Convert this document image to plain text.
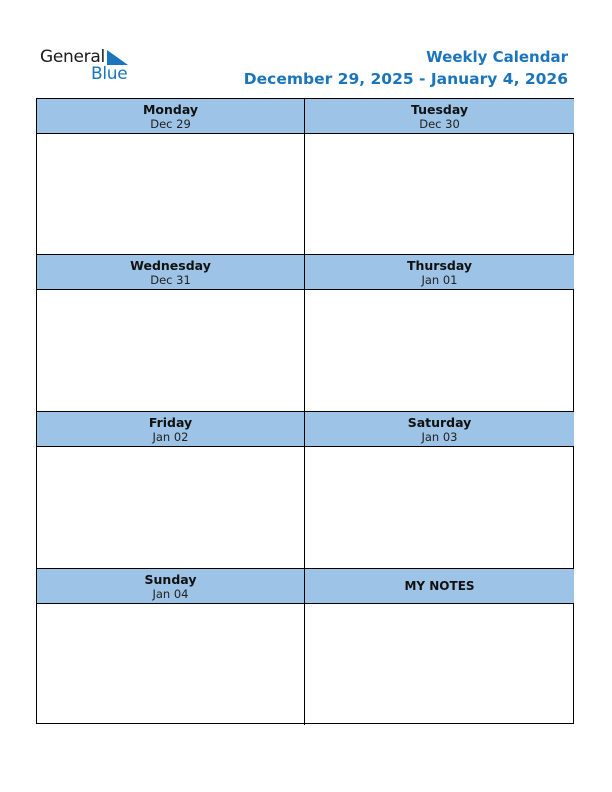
General
Blue
Weekly Calendar
December 29, 2025 - January 4, 2026
Monday
Dec 29
Tuesday
Dec 30
Wednesday
Dec 31
Thursday
Jan 01
Friday
Jan 02
Saturday
Jan 03
Sunday
Jan 04
MY NOTES
